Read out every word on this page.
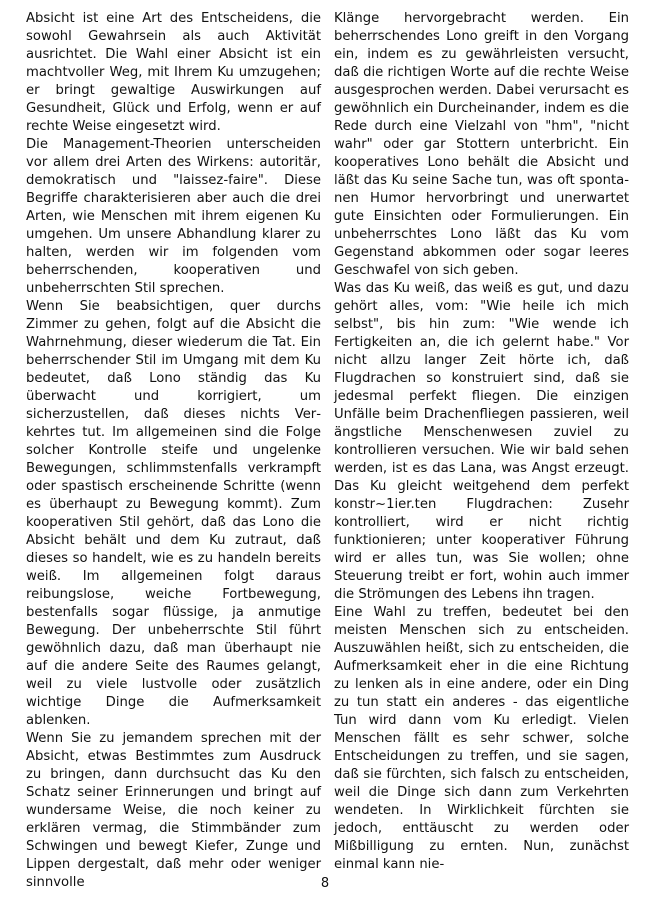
Absicht ist eine Art des Entscheidens, die sowohl Gewahrsein als auch Aktivität ausrichtet. Die Wahl einer Absicht ist ein machtvoller Weg, mit Ihrem Ku umzugehen; er bringt gewaltige Auswirkungen auf Gesundheit, Glück und Erfolg, wenn er auf rechte Weise eingesetzt wird.

Die Management-Theorien unterscheiden vor allem drei Arten des Wirkens: autoritär, demokratisch und "laissez-faire". Diese Begriffe charakterisieren aber auch die drei Arten, wie Menschen mit ihrem eigenen Ku umgehen. Um unsere Abhandlung klarer zu halten, werden wir im folgenden vom beherrschenden, kooperativen und unbeherrschten Stil sprechen.

Wenn Sie beabsichtigen, quer durchs Zimmer zu gehen, folgt auf die Absicht die Wahrnehmung, dieser wiederum die Tat. Ein beherrschender Stil im Umgang mit dem Ku bedeutet, daß Lono ständig das Ku überwacht und korrigiert, um sicherzustellen, daß dieses nichts Verkehrtes tut. Im allgemeinen sind die Folge solcher Kontrolle steife und ungelenke Bewegungen, schlimmstenfalls verkrampft oder spastisch erscheinende Schritte (wenn es überhaupt zu Bewegung kommt). Zum kooperativen Stil gehört, daß das Lono die Absicht behält und dem Ku zutraut, daß dieses so handelt, wie es zu handeln bereits weiß. Im allgemeinen folgt daraus reibungslose, weiche Fortbewegung, bestenfalls sogar flüssige, ja anmutige Bewegung. Der unbeherrschte Stil führt gewöhnlich dazu, daß man überhaupt nie auf die andere Seite des Raumes gelangt, weil zu viele lustvolle oder zusätzlich wichtige Dinge die Aufmerksamkeit ablenken.

Wenn Sie zu jemandem sprechen mit der Absicht, etwas Bestimmtes zum Ausdruck zu bringen, dann durchsucht das Ku den Schatz seiner Erinnerungen und bringt auf wundersame Weise, die noch keiner zu erklären vermag, die Stimmbänder zum Schwingen und bewegt Kiefer, Zunge und Lippen dergestalt, daß mehr oder weniger sinnvolle

Klänge hervorgebracht werden. Ein beherrschendes Lono greift in den Vorgang ein, indem es zu gewährleisten versucht, daß die richtigen Worte auf die rechte Weise ausgesprochen werden. Dabei verursacht es gewöhnlich ein Durcheinander, indem es die Rede durch eine Vielzahl von "hm", "nicht wahr" oder gar Stottern unterbricht. Ein kooperatives Lono behält die Absicht und läßt das Ku seine Sache tun, was oft spontanen Humor hervorbringt und unerwartet gute Einsichten oder Formulierungen. Ein unbeherrschtes Lono läßt das Ku vom Gegenstand abkommen oder sogar leeres Geschwafel von sich geben.

Was das Ku weiß, das weiß es gut, und dazu gehört alles, vom: "Wie heile ich mich selbst", bis hin zum: "Wie wende ich Fertigkeiten an, die ich gelernt habe." Vor nicht allzu langer Zeit hörte ich, daß Flugdrachen so konstruiert sind, daß sie jedesmal perfekt fliegen. Die einzigen Unfälle beim Drachenfliegen passieren, weil ängstliche Menschenwesen zuviel zu kontrollieren versuchen. Wie wir bald sehen werden, ist es das Lana, was Angst erzeugt. Das Ku gleicht weitgehend dem perfekt konstr~1ier.ten Flugdrachen: Zusehr kontrolliert, wird er nicht richtig funktionieren; unter kooperativer Führung wird er alles tun, was Sie wollen; ohne Steuerung treibt er fort, wohin auch immer die Strömungen des Lebens ihn tragen.

Eine Wahl zu treffen, bedeutet bei den meisten Menschen sich zu entscheiden. Auszuwählen heißt, sich zu entscheiden, die Aufmerksamkeit eher in die eine Richtung zu lenken als in eine andere, oder ein Ding zu tun statt ein anderes - das eigentliche Tun wird dann vom Ku erledigt. Vielen Menschen fällt es sehr schwer, solche Entscheidungen zu treffen, und sie sagen, daß sie fürchten, sich falsch zu entscheiden, weil die Dinge sich dann zum Verkehrten wendeten. In Wirklichkeit fürchten sie jedoch, enttäuscht zu werden oder Mißbilligung zu ernten. Nun, zunächst einmal kann nie-

8
